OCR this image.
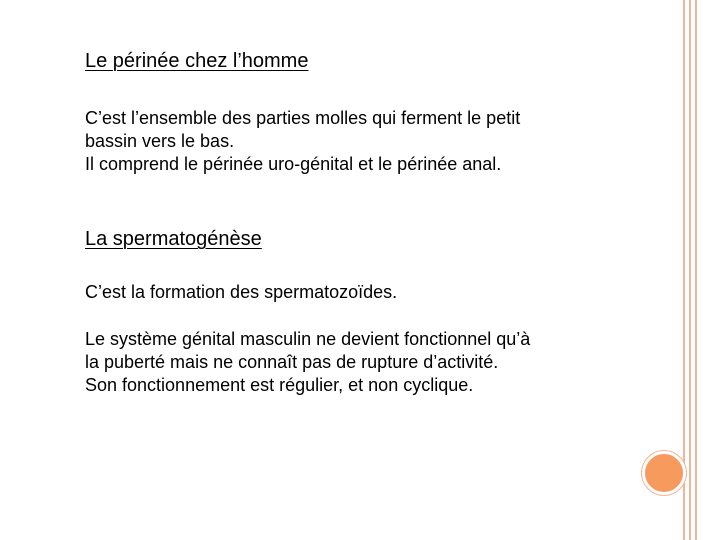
Le périnée chez l’homme
C’est l’ensemble des parties molles qui ferment le petit
bassin vers le bas.
Il comprend le périnée uro-génital et le périnée anal.
La spermatogénèse
C’est la formation des spermatozoïdes.
Le système génital masculin ne devient fonctionnel qu’à
la puberté mais ne connaît pas de rupture d’activité.
Son fonctionnement est régulier, et non cyclique.
